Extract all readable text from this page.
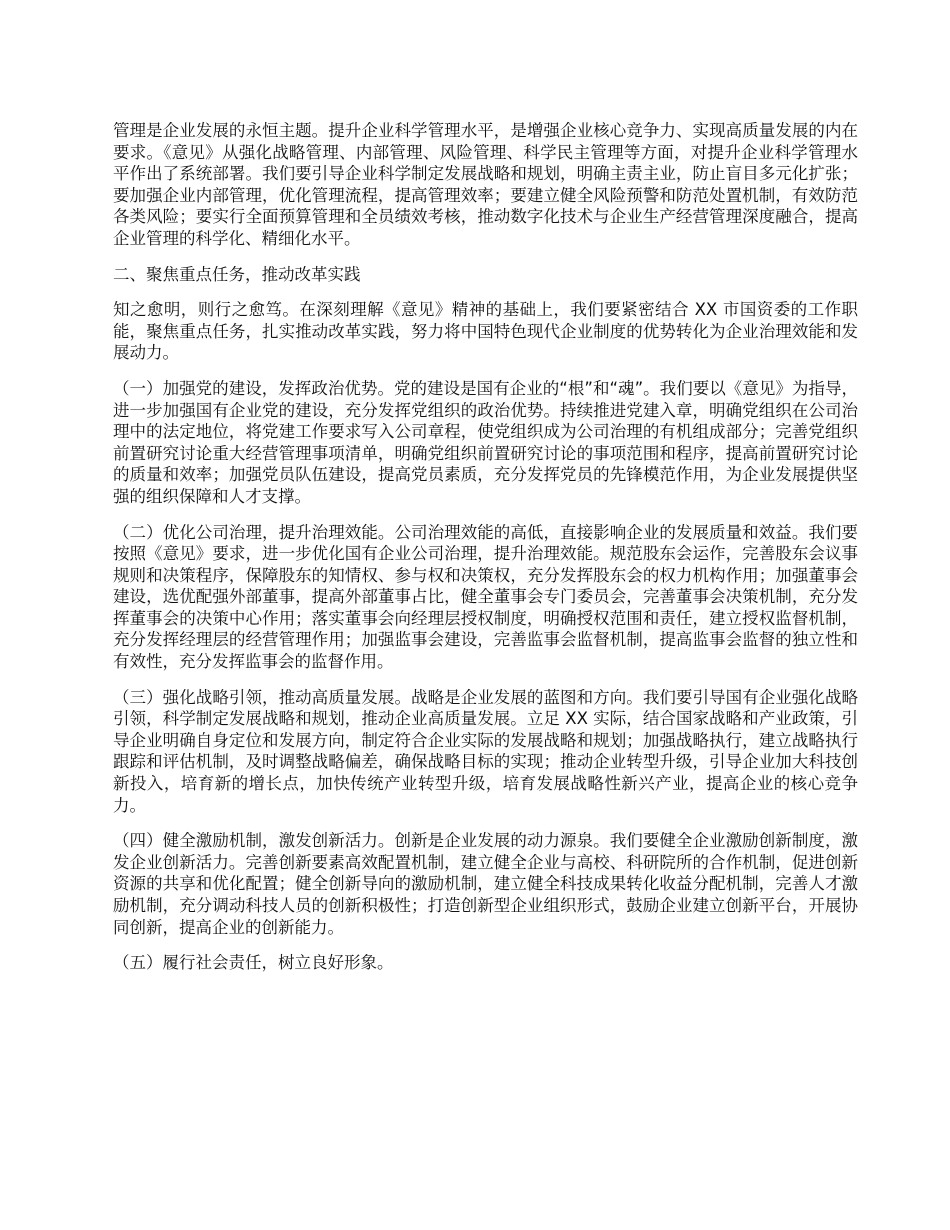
管理是企业发展的永恒主题。提升企业科学管理水平，是增强企业核心竞争力、实现高质量发展的内在要求。《意见》从强化战略管理、内部管理、风险管理、科学民主管理等方面，对提升企业科学管理水平作出了系统部署。我们要引导企业科学制定发展战略和规划，明确主责主业，防止盲目多元化扩张；要加强企业内部管理，优化管理流程，提高管理效率；要建立健全风险预警和防范处置机制，有效防范各类风险；要实行全面预算管理和全员绩效考核，推动数字化技术与企业生产经营管理深度融合，提高企业管理的科学化、精细化水平。

二、聚焦重点任务，推动改革实践

知之愈明，则行之愈笃。在深刻理解《意见》精神的基础上，我们要紧密结合 XX 市国资委的工作职能，聚焦重点任务，扎实推动改革实践，努力将中国特色现代企业制度的优势转化为企业治理效能和发展动力。

（一）加强党的建设，发挥政治优势。党的建设是国有企业的“根”和“魂”。我们要以《意见》为指导，进一步加强国有企业党的建设，充分发挥党组织的政治优势。持续推进党建入章，明确党组织在公司治理中的法定地位，将党建工作要求写入公司章程，使党组织成为公司治理的有机组成部分；完善党组织前置研究讨论重大经营管理事项清单，明确党组织前置研究讨论的事项范围和程序，提高前置研究讨论的质量和效率；加强党员队伍建设，提高党员素质，充分发挥党员的先锋模范作用，为企业发展提供坚强的组织保障和人才支撑。

（二）优化公司治理，提升治理效能。公司治理效能的高低，直接影响企业的发展质量和效益。我们要按照《意见》要求，进一步优化国有企业公司治理，提升治理效能。规范股东会运作，完善股东会议事规则和决策程序，保障股东的知情权、参与权和决策权，充分发挥股东会的权力机构作用；加强董事会建设，选优配强外部董事，提高外部董事占比，健全董事会专门委员会，完善董事会决策机制，充分发挥董事会的决策中心作用；落实董事会向经理层授权制度，明确授权范围和责任，建立授权监督机制，充分发挥经理层的经营管理作用；加强监事会建设，完善监事会监督机制，提高监事会监督的独立性和有效性，充分发挥监事会的监督作用。

（三）强化战略引领，推动高质量发展。战略是企业发展的蓝图和方向。我们要引导国有企业强化战略引领，科学制定发展战略和规划，推动企业高质量发展。立足 XX 实际，结合国家战略和产业政策，引导企业明确自身定位和发展方向，制定符合企业实际的发展战略和规划；加强战略执行，建立战略执行跟踪和评估机制，及时调整战略偏差，确保战略目标的实现；推动企业转型升级，引导企业加大科技创新投入，培育新的增长点，加快传统产业转型升级，培育发展战略性新兴产业，提高企业的核心竞争力。

（四）健全激励机制，激发创新活力。创新是企业发展的动力源泉。我们要健全企业激励创新制度，激发企业创新活力。完善创新要素高效配置机制，建立健全企业与高校、科研院所的合作机制，促进创新资源的共享和优化配置；健全创新导向的激励机制，建立健全科技成果转化收益分配机制，完善人才激励机制，充分调动科技人员的创新积极性；打造创新型企业组织形式，鼓励企业建立创新平台，开展协同创新，提高企业的创新能力。

（五）履行社会责任，树立良好形象。
